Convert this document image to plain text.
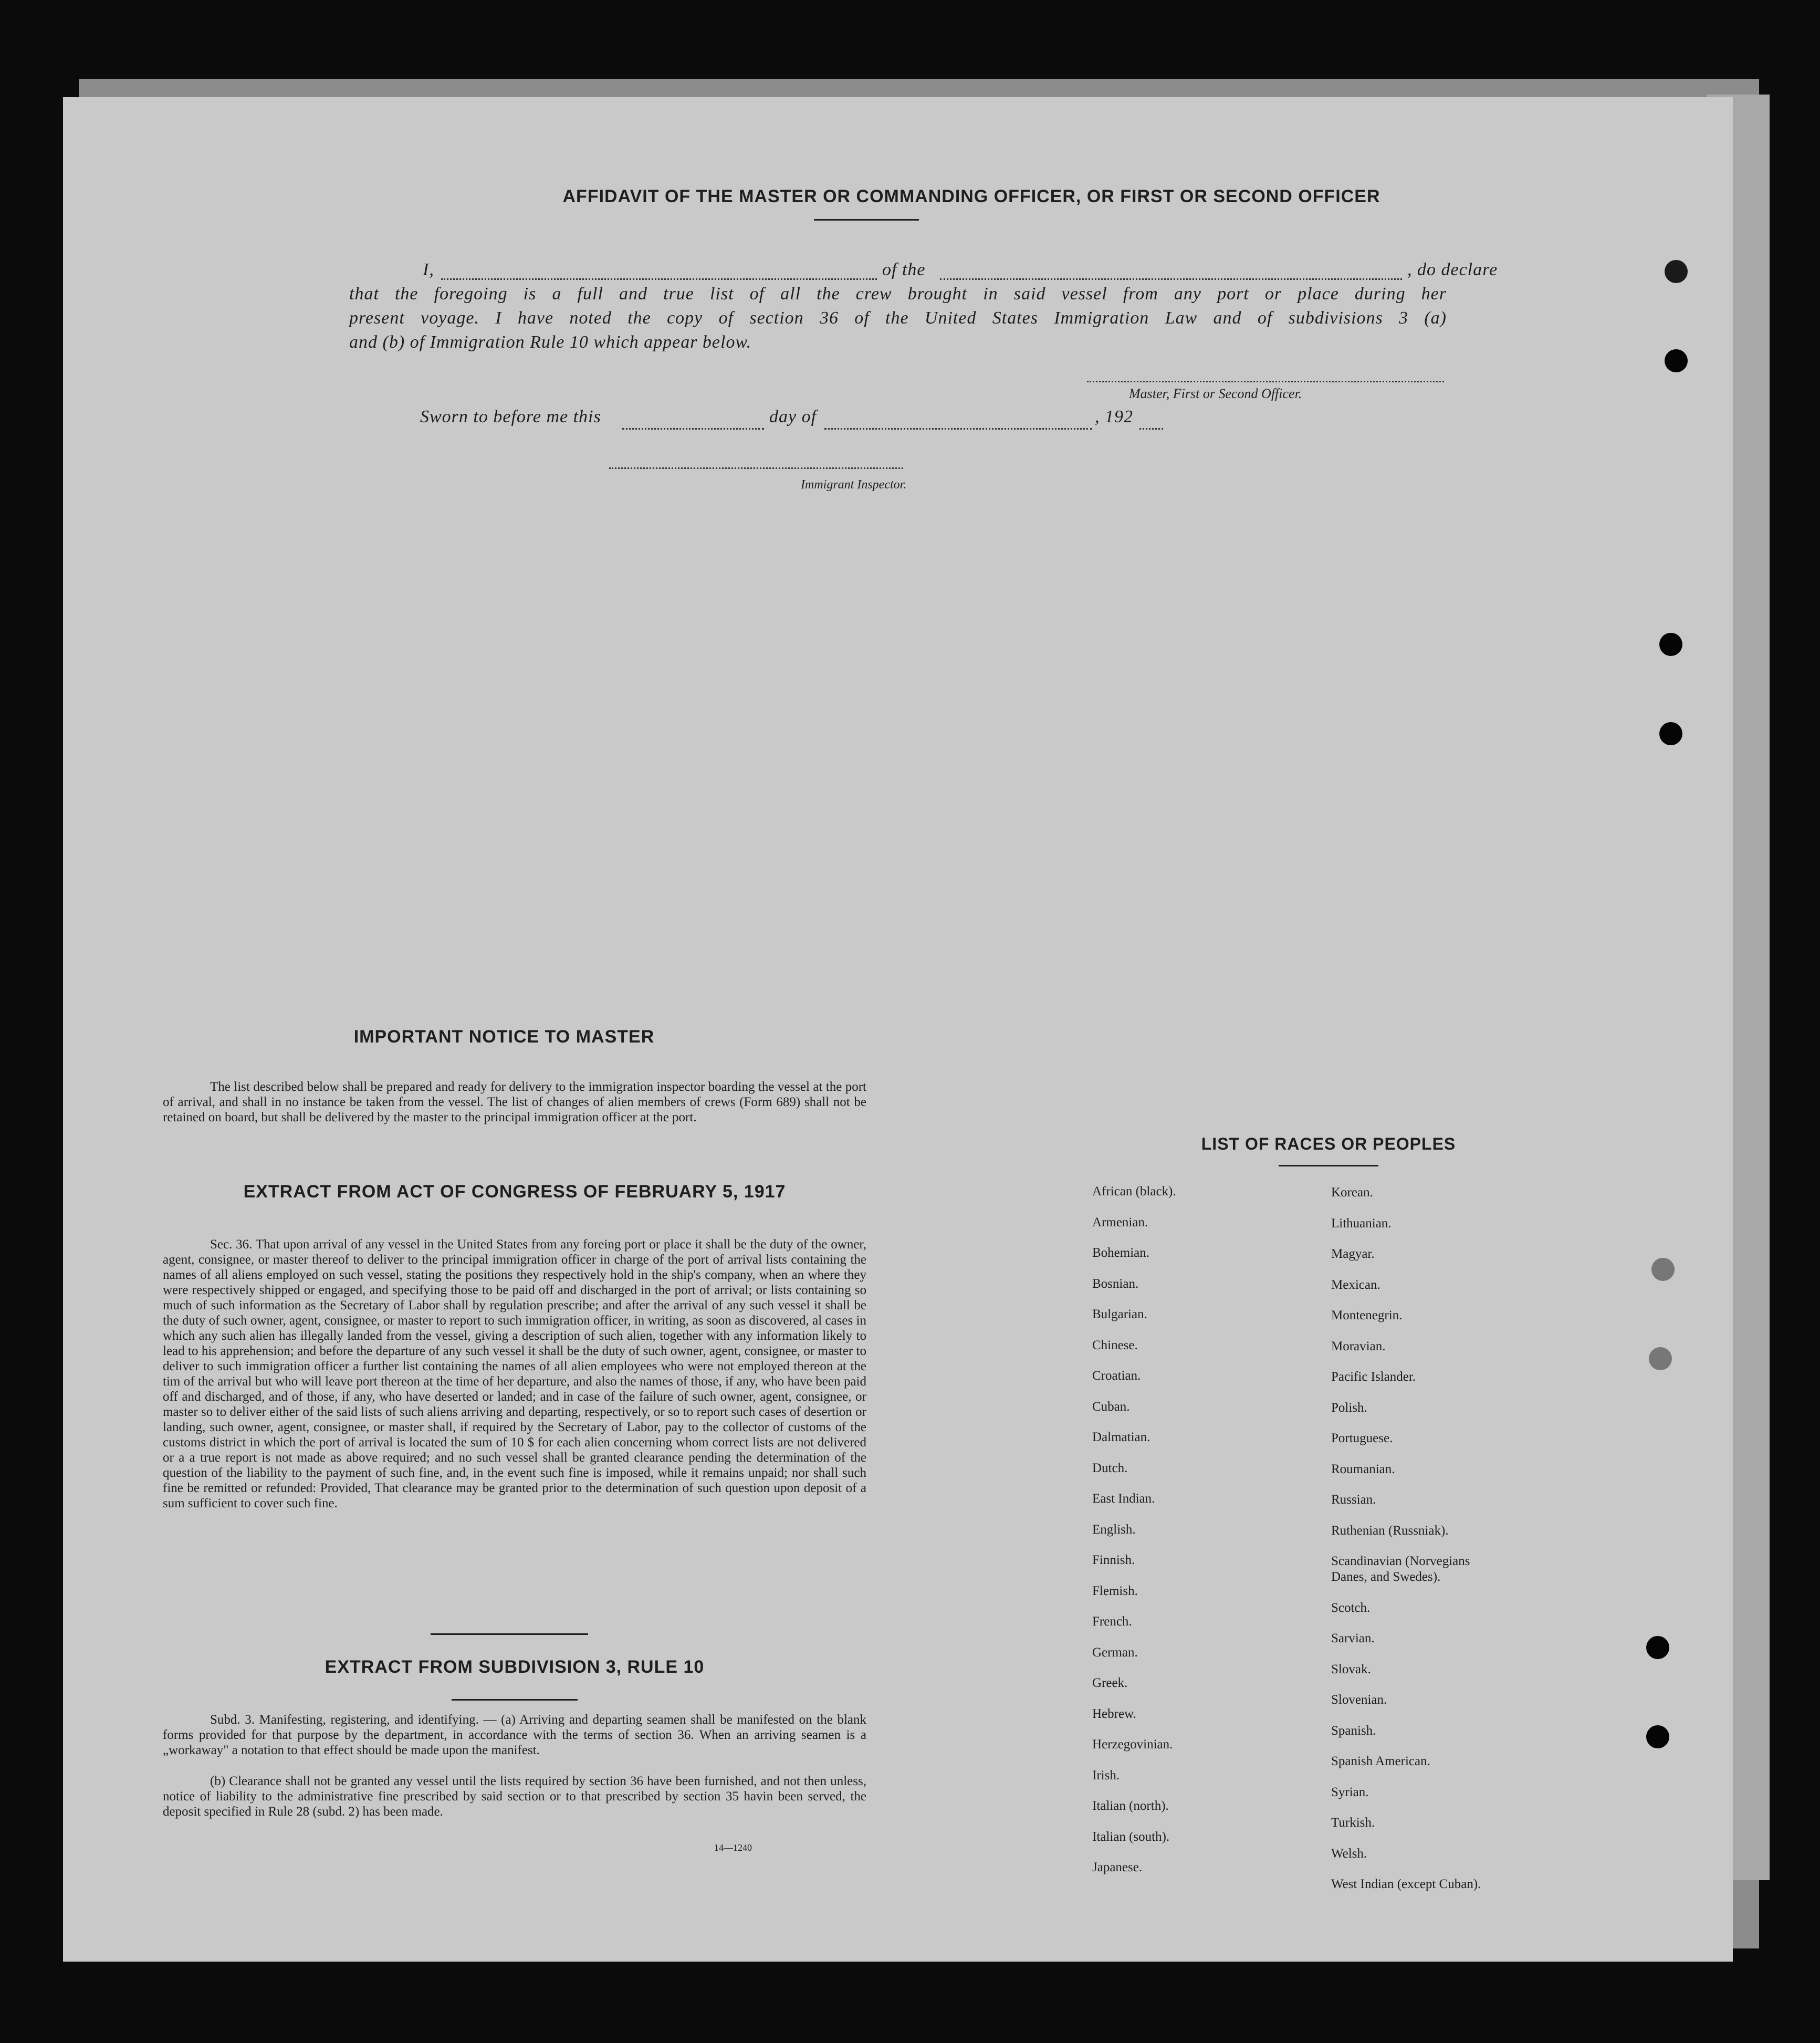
AFFIDAVIT OF THE MASTER OR COMMANDING OFFICER, OR FIRST OR SECOND OFFICER
I,	of the	, do declare
that the foregoing is a full and true list of all the crew brought in said vessel from any port or place during her
present voyage. I have noted the copy of section 36 of the United States Immigration Law and of subdivisions 3 (a)
and (b) of Immigration Rule 10 which appear below.
Master, First or Second Officer.
Sworn to before me this	day of	, 192
Immigrant Inspector.
IMPORTANT NOTICE TO MASTER
The list described below shall be prepared and ready for delivery to the immigration inspector boarding the vessel at the port of arrival, and shall in no instance be taken from the vessel. The list of changes of alien members of crews (Form 689) shall not be retained on board, but shall be delivered by the master to the principal immigration officer at the port.
EXTRACT FROM ACT OF CONGRESS OF FEBRUARY 5, 1917
Sec. 36. That upon arrival of any vessel in the United States from any foreing port or place it shall be the duty of the owner, agent, consignee, or master thereof to deliver to the principal immigration officer in charge of the port of arrival lists containing the names of all aliens employed on such vessel, stating the positions they respectively hold in the ship's company, when an where they were respectively shipped or engaged, and specifying those to be paid off and discharged in the port of arrival; or lists containing so much of such information as the Secretary of Labor shall by regulation prescribe; and after the arrival of any such vessel it shall be the duty of such owner, agent, consignee, or master to report to such immigration officer, in writing, as soon as discovered, al cases in which any such alien has illegally landed from the vessel, giving a description of such alien, together with any information likely to lead to his apprehension; and before the departure of any such vessel it shall be the duty of such owner, agent, consignee, or master to deliver to such immigration officer a further list containing the names of all alien employees who were not employed thereon at the tim of the arrival but who will leave port thereon at the time of her departure, and also the names of those, if any, who have been paid off and discharged, and of those, if any, who have deserted or landed; and in case of the failure of such owner, agent, consignee, or master so to deliver either of the said lists of such aliens arriving and departing, respectively, or so to report such cases of desertion or landing, such owner, agent, consignee, or master shall, if required by the Secretary of Labor, pay to the collector of customs of the customs district in which the port of arrival is located the sum of 10 $ for each alien concerning whom correct lists are not delivered or a a true report is not made as above required; and no such vessel shall be granted clearance pending the determination of the question of the liability to the payment of such fine, and, in the event such fine is imposed, while it remains unpaid; nor shall such fine be remitted or refunded: Provided, That clearance may be granted prior to the determination of such question upon deposit of a sum sufficient to cover such fine.
EXTRACT FROM SUBDIVISION 3, RULE 10
Subd. 3. Manifesting, registering, and identifying. — (a) Arriving and departing seamen shall be manifested on the blank forms provided for that purpose by the department, in accordance with the terms of section 36. When an arriving seamen is a „workaway" a notation to that effect should be made upon the manifest.
(b) Clearance shall not be granted any vessel until the lists required by section 36 have been furnished, and not then unless, notice of liability to the administrative fine prescribed by said section or to that prescribed by section 35 havin been served, the deposit specified in Rule 28 (subd. 2) has been made.
14—1240
LIST OF RACES OR PEOPLES
African (black).
Armenian.
Bohemian.
Bosnian.
Bulgarian.
Chinese.
Croatian.
Cuban.
Dalmatian.
Dutch.
East Indian.
English.
Finnish.
Flemish.
French.
German.
Greek.
Hebrew.
Herzegovinian.
Irish.
Italian (north).
Italian (south).
Japanese.
Korean.
Lithuanian.
Magyar.
Mexican.
Montenegrin.
Moravian.
Pacific Islander.
Polish.
Portuguese.
Roumanian.
Russian.
Ruthenian (Russniak).
Scandinavian (Norvegians
Danes, and Swedes).
Scotch.
Sarvian.
Slovak.
Slovenian.
Spanish.
Spanish American.
Syrian.
Turkish.
Welsh.
West Indian (except Cuban).
